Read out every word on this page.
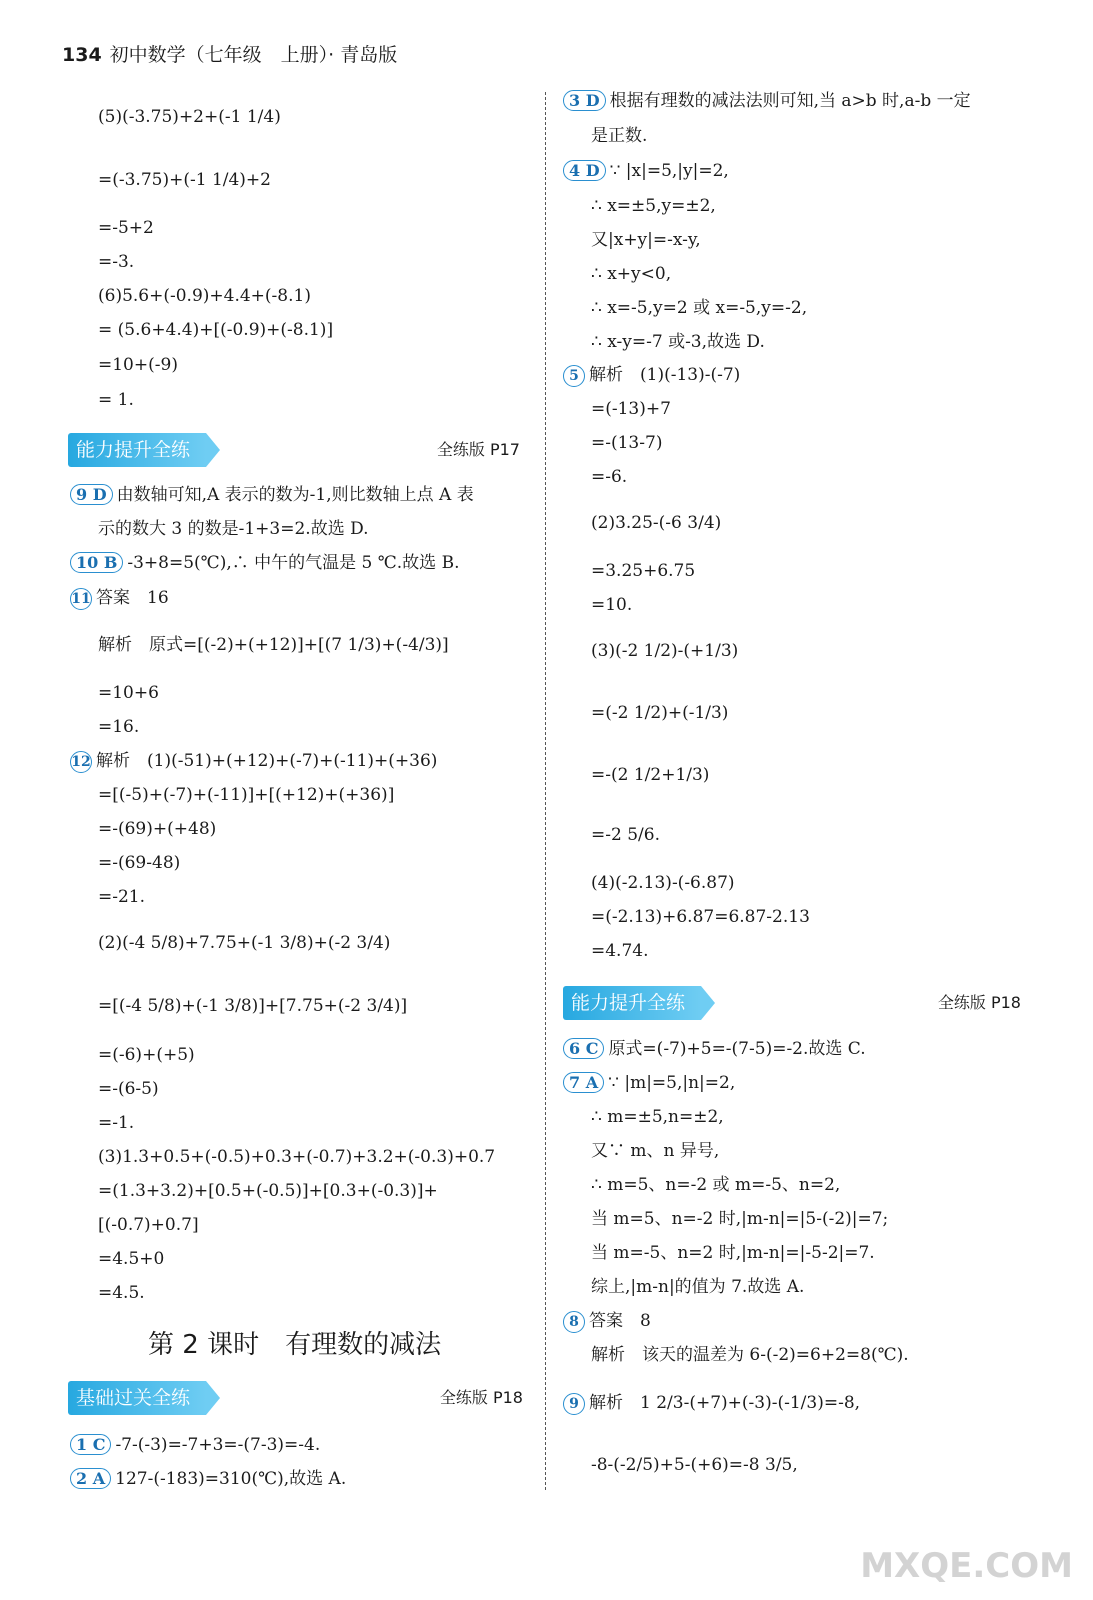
134 初中数学（七年级　上册）· 青岛版
(5)(-3.75)+2+(-1 1/4)
=(-3.75)+(-1 1/4)+2
=-5+2
=-3.
(6)5.6+(-0.9)+4.4+(-8.1)
= (5.6+4.4)+[(-0.9)+(-8.1)]
=10+(-9)
= 1.
能力提升全练	全练版 P17
9 D 由数轴可知,A 表示的数为-1,则比数轴上点 A 表
示的数大 3 的数是-1+3=2.故选 D.
10 B -3+8=5(℃),∴ 中午的气温是 5 ℃.故选 B.
11 答案　16
解析　原式=[(-2)+(+12)]+[(7 1/3)+(-4/3)]
=10+6
=16.
12 解析　(1)(-51)+(+12)+(-7)+(-11)+(+36)
=[(-5)+(-7)+(-11)]+[(+12)+(+36)]
=-(69)+(+48)
=-(69-48)
=-21.
(2)(-4 5/8)+7.75+(-1 3/8)+(-2 3/4)
=[(-4 5/8)+(-1 3/8)]+[7.75+(-2 3/4)]
=(-6)+(+5)
=-(6-5)
=-1.
(3)1.3+0.5+(-0.5)+0.3+(-0.7)+3.2+(-0.3)+0.7
=(1.3+3.2)+[0.5+(-0.5)]+[0.3+(-0.3)]+
[(-0.7)+0.7]
=4.5+0
=4.5.
第 2 课时　有理数的减法
基础过关全练	全练版 P18
1 C -7-(-3)=-7+3=-(7-3)=-4.
2 A 127-(-183)=310(℃),故选 A.
3 D 根据有理数的减法法则可知,当 a>b 时,a-b 一定
是正数.
4 D ∵ |x|=5,|y|=2,
∴ x=±5,y=±2,
又|x+y|=-x-y,
∴ x+y<0,
∴ x=-5,y=2 或 x=-5,y=-2,
∴ x-y=-7 或-3,故选 D.
5 解析　(1)(-13)-(-7)
=(-13)+7
=-(13-7)
=-6.
(2)3.25-(-6 3/4)
=3.25+6.75
=10.
(3)(-2 1/2)-(+1/3)
=(-2 1/2)+(-1/3)
=-(2 1/2+1/3)
=-2 5/6.
(4)(-2.13)-(-6.87)
=(-2.13)+6.87=6.87-2.13
=4.74.
能力提升全练	全练版 P18
6 C 原式=(-7)+5=-(7-5)=-2.故选 C.
7 A ∵ |m|=5,|n|=2,
∴ m=±5,n=±2,
又∵ m、n 异号,
∴ m=5、n=-2 或 m=-5、n=2,
当 m=5、n=-2 时,|m-n|=|5-(-2)|=7;
当 m=-5、n=2 时,|m-n|=|-5-2|=7.
综上,|m-n|的值为 7.故选 A.
8 答案　8
解析　该天的温差为 6-(-2)=6+2=8(℃).
9 解析　1 2/3-(+7)+(-3)-(-1/3)=-8,
-8-(-2/5)+5-(+6)=-8 3/5,
MXQE.COM
